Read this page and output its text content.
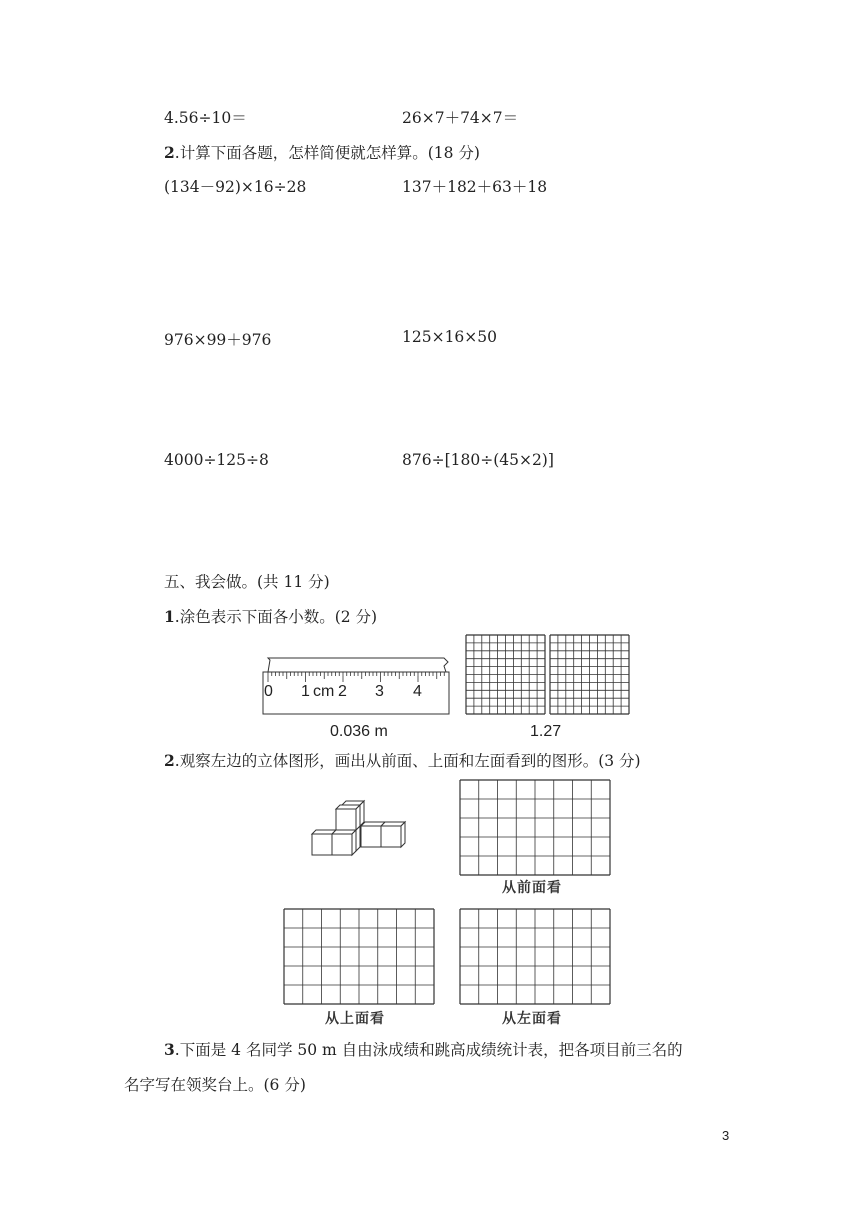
4.56÷10＝	26×7＋74×7＝
2.计算下面各题，怎样简便就怎样算。(18 分)
(134－92)×16÷28	137＋182＋63＋18
976×99＋976	125×16×50
4000÷125÷8	876÷[180÷(45×2)]
五、我会做。(共 11 分)
1.涂色表示下面各小数。(2 分)
0 1 cm 2 3 4
0.036 m	1.27
从前面看
从上面看	从左面看
2.观察左边的立体图形，画出从前面、上面和左面看到的图形。(3 分)
3.下面是 4 名同学 50 m 自由泳成绩和跳高成绩统计表，把各项目前三名的
名字写在领奖台上。(6 分)
3
